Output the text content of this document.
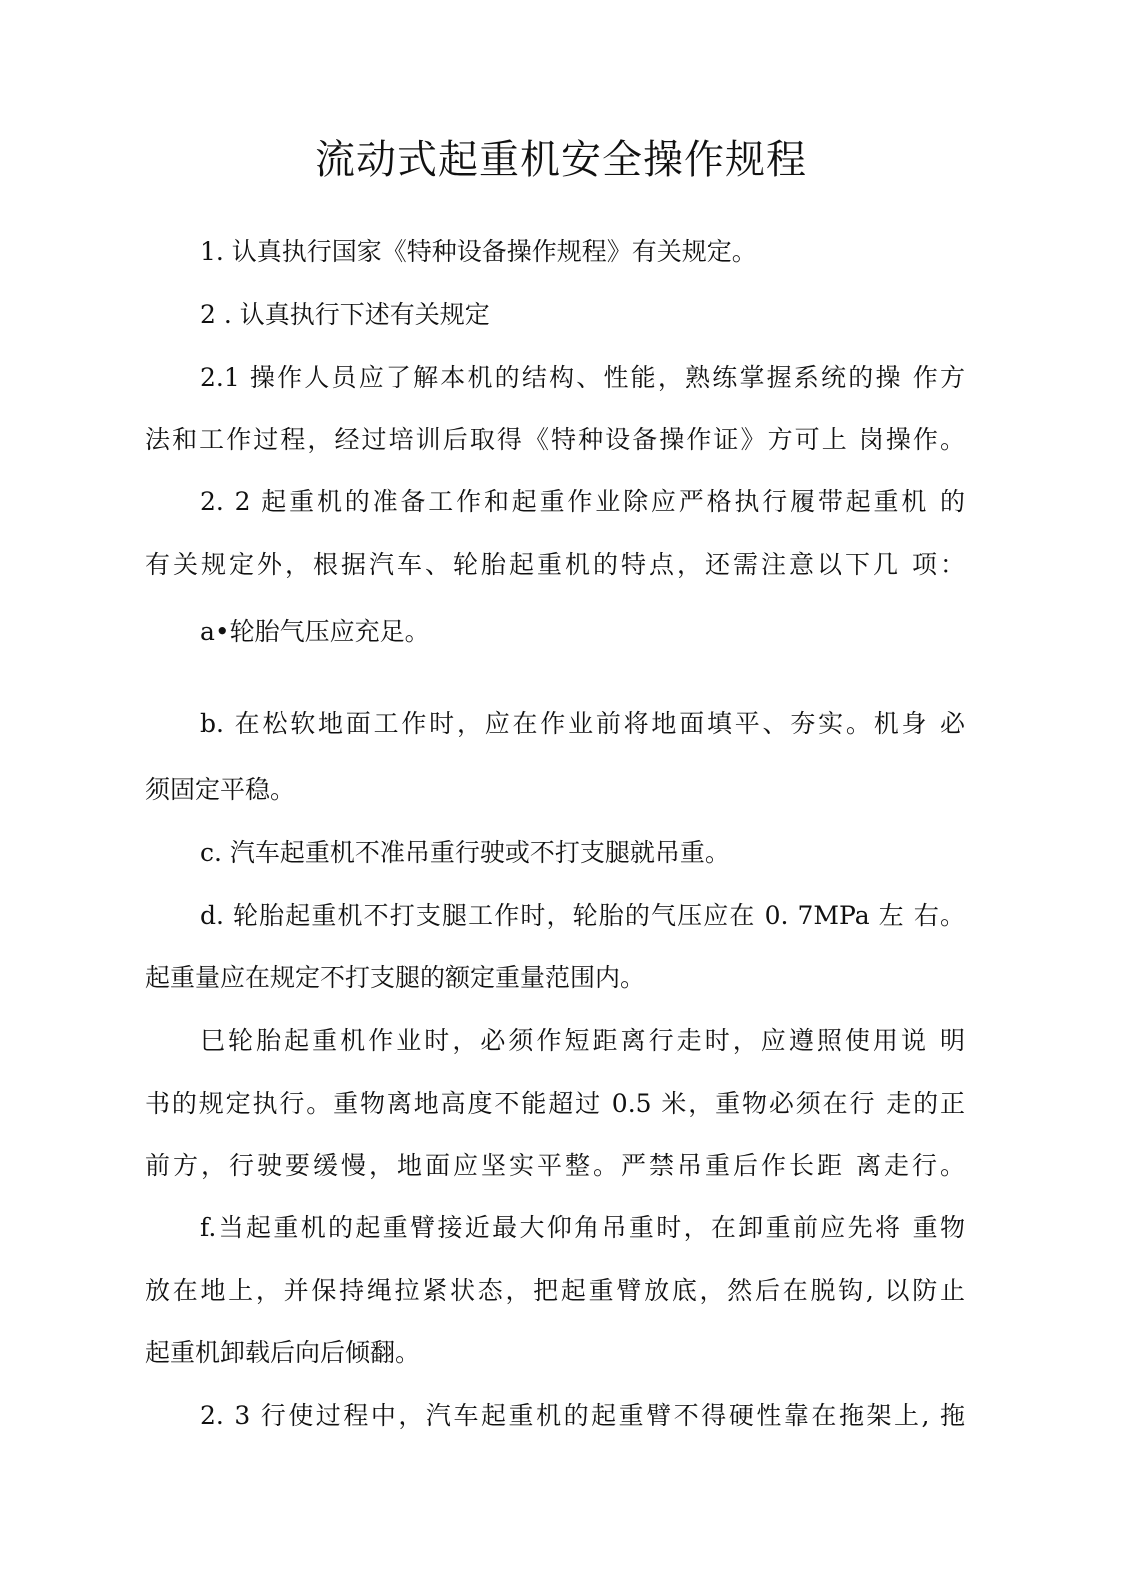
流动式起重机安全操作规程
1. 认真执行国家《特种设备操作规程》有关规定。
2 . 认真执行下述有关规定
2.1 操作人员应了解本机的结构、性能，熟练掌握系统的操 作方
法和工作过程，经过培训后取得《特种设备操作证》方可上 岗操作。
2. 2 起重机的准备工作和起重作业除应严格执行履带起重机 的
有关规定外，根据汽车、轮胎起重机的特点，还需注意以下几 项：
a•轮胎气压应充足。
b. 在松软地面工作时，应在作业前将地面填平、夯实。机身 必
须固定平稳。
c. 汽车起重机不准吊重行驶或不打支腿就吊重。
d. 轮胎起重机不打支腿工作时，轮胎的气压应在 0. 7MPa 左 右。
起重量应在规定不打支腿的额定重量范围内。
巳轮胎起重机作业时，必须作短距离行走时，应遵照使用说 明
书的规定执行。重物离地高度不能超过 0.5 米，重物必须在行 走的正
前方，行驶要缓慢，地面应坚实平整。严禁吊重后作长距 离走行。
f.当起重机的起重臂接近最大仰角吊重时，在卸重前应先将 重物
放在地上，并保持绳拉紧状态，把起重臂放底，然后在脱钩, 以防止
起重机卸载后向后倾翻。
2. 3 行使过程中，汽车起重机的起重臂不得硬性靠在拖架上, 拖
